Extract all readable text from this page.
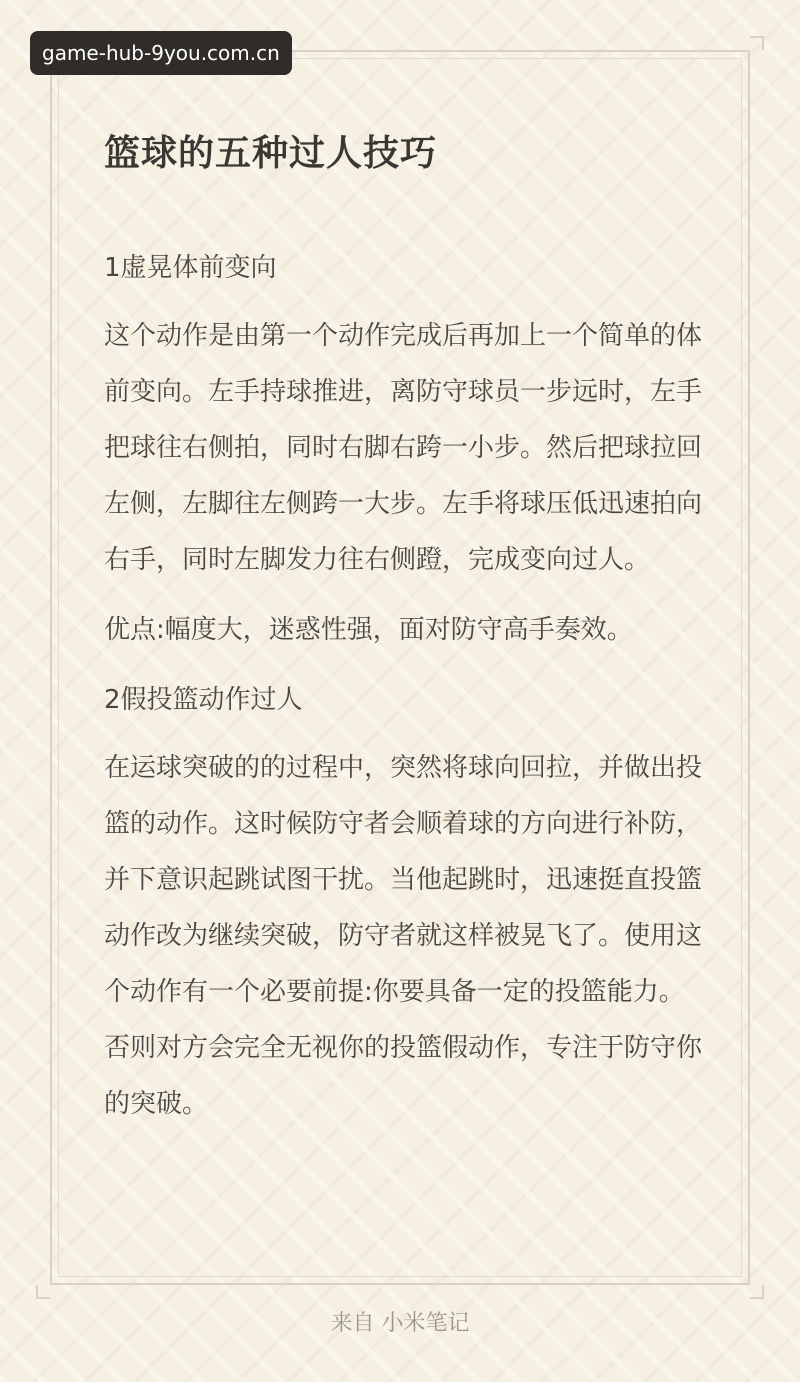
game-hub-9you.com.cn
篮球的五种过人技巧

1虚晃体前变向

这个动作是由第一个动作完成后再加上一个简单的体前变向。左手持球推进，离防守球员一步远时，左手把球往右侧拍，同时右脚右跨一小步。然后把球拉回左侧，左脚往左侧跨一大步。左手将球压低迅速拍向右手，同时左脚发力往右侧蹬，完成变向过人。

优点:幅度大，迷惑性强，面对防守高手奏效。

2假投篮动作过人

在运球突破的的过程中，突然将球向回拉，并做出投篮的动作。这时候防守者会顺着球的方向进行补防，并下意识起跳试图干扰。当他起跳时，迅速挺直投篮动作改为继续突破，防守者就这样被晃飞了。使用这个动作有一个必要前提:你要具备一定的投篮能力。否则对方会完全无视你的投篮假动作，专注于防守你的突破。

来自 小米笔记
